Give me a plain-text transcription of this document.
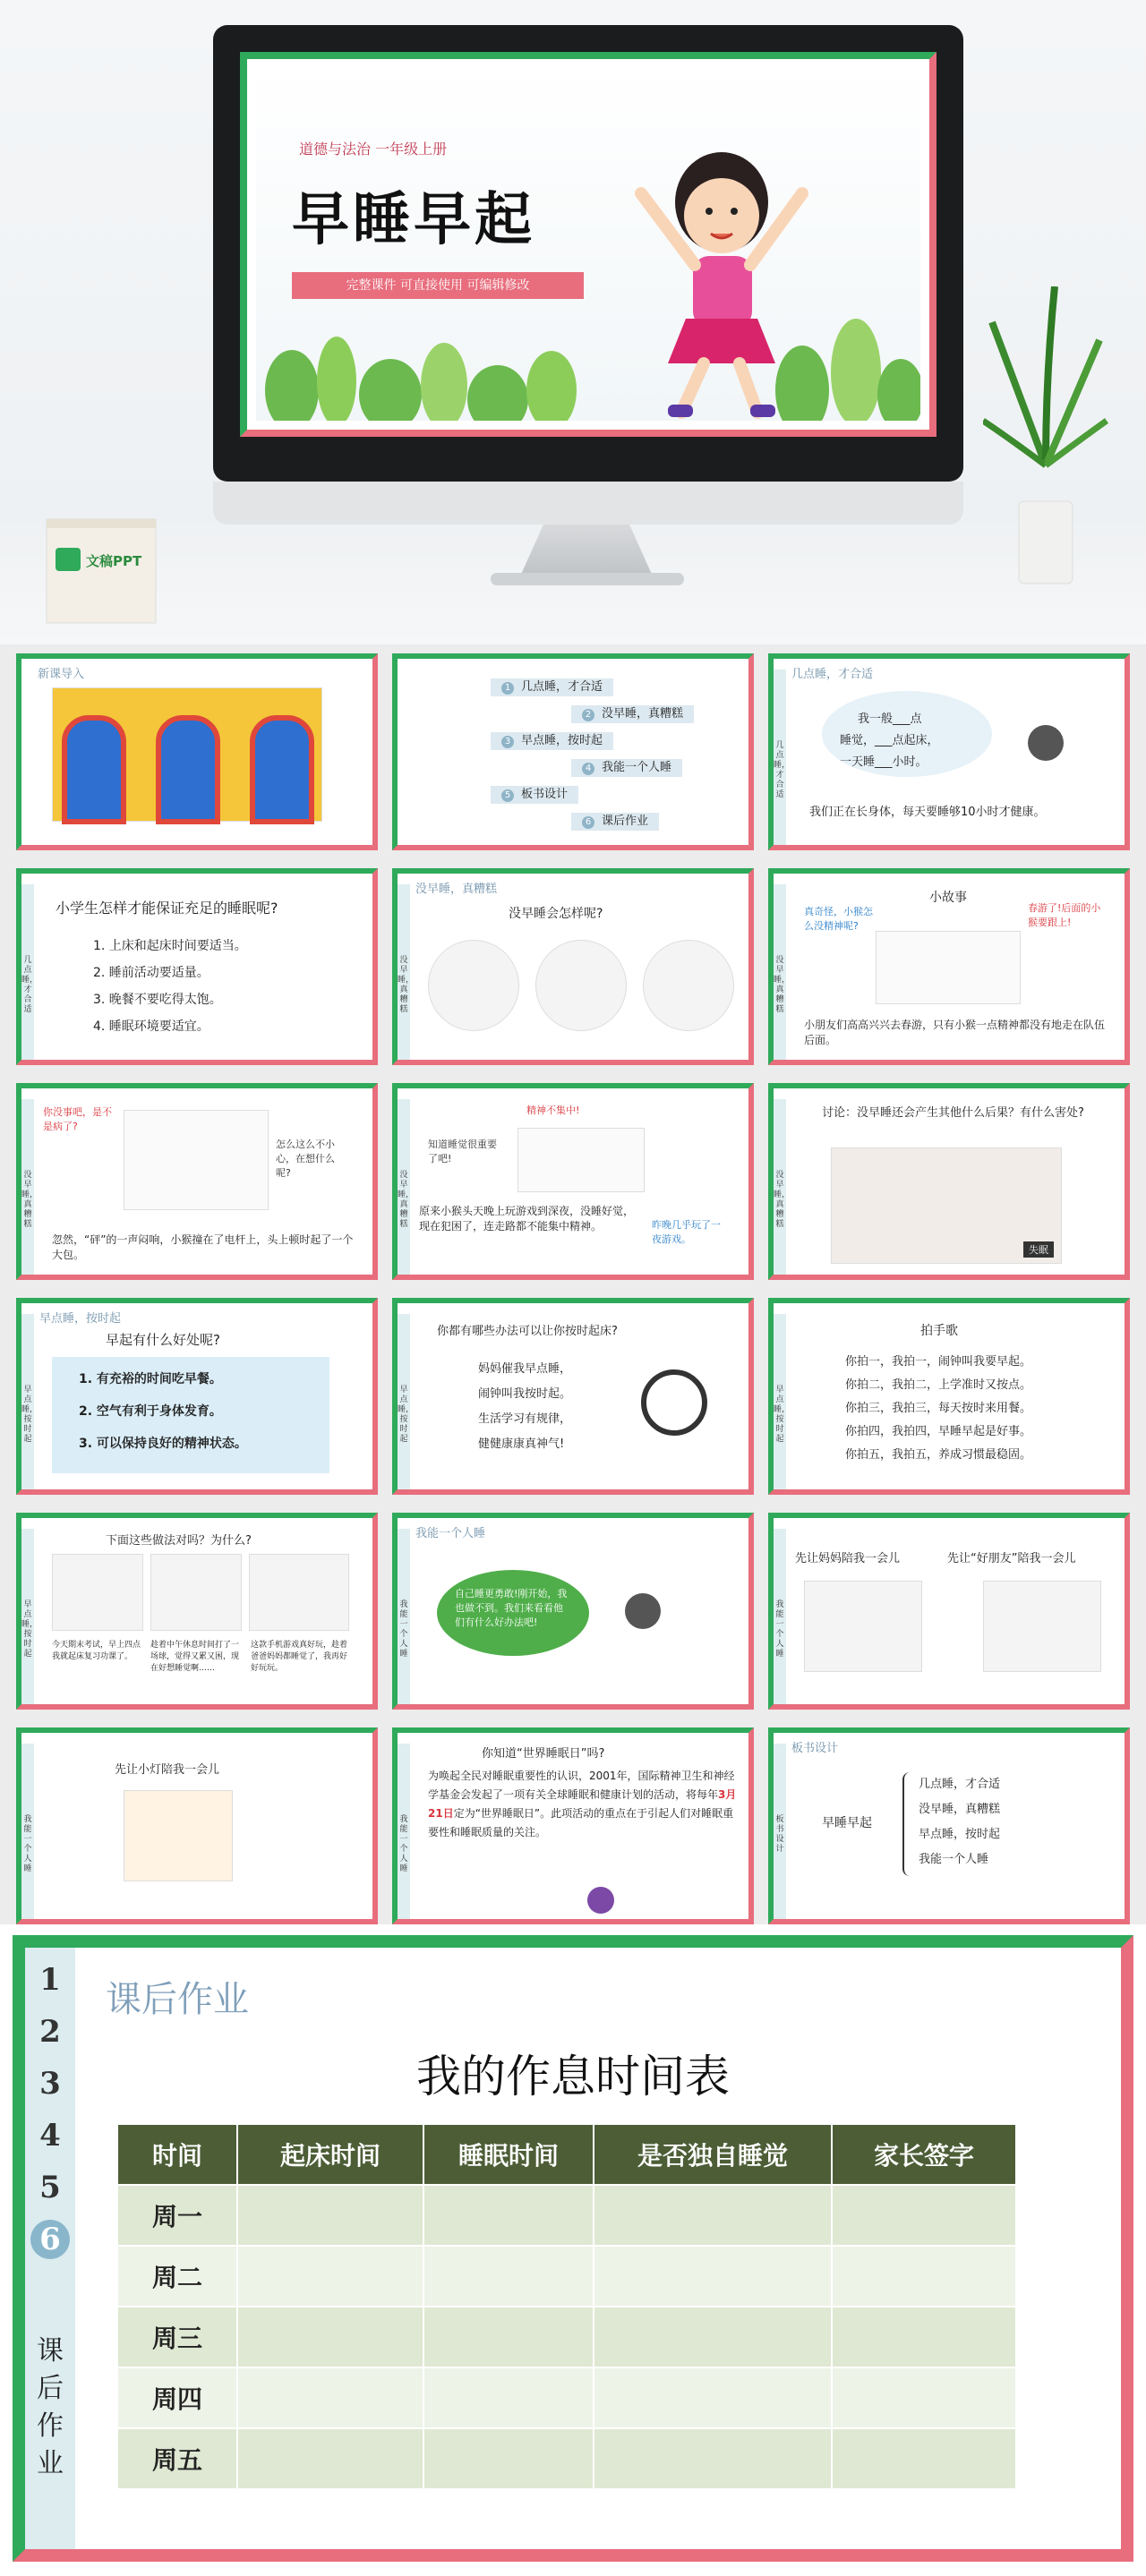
道德与法治 一年级上册
早睡早起
完整课件 可直接使用 可编辑修改
文稿PPT
新课导入
1 几点睡，才合适
2 没早睡，真糟糕
3 早点睡，按时起
4 我能一个人睡
5 板书设计
6 课后作业
几点睡，才合适
几点睡，才合适
我一般___点
睡觉，___点起床，
一天睡___小时。
我们正在长身体，每天要睡够10小时才健康。
几点睡，才合适
小学生怎样才能保证充足的睡眠呢?
1. 上床和起床时间要适当。
2. 睡前活动要适量。
3. 晚餐不要吃得太饱。
4. 睡眠环境要适宜。
没早睡，真糟糕
没早睡，真糟糕
没早睡会怎样呢?
没早睡，真糟糕
小故事
真奇怪，小猴怎么没精神呢?
春游了!后面的小猴要跟上!
小朋友们高高兴兴去春游，只有小猴一点精神都没有地走在队伍后面。
没早睡，真糟糕
你没事吧，是不是病了?
怎么这么不小心，在想什么呢?
忽然，“砰”的一声闷响，小猴撞在了电杆上，头上顿时起了一个大包。
没早睡，真糟糕
精神不集中!
知道睡觉很重要了吧!
昨晚几乎玩了一夜游戏。
原来小猴头天晚上玩游戏到深夜，没睡好觉，现在犯困了，连走路都不能集中精神。
没早睡，真糟糕
讨论：没早睡还会产生其他什么后果？有什么害处?
失眠
早点睡，按时起
早点睡，按时起
早起有什么好处呢?
1. 有充裕的时间吃早餐。
2. 空气有利于身体发育。
3. 可以保持良好的精神状态。
早点睡，按时起
你都有哪些办法可以让你按时起床?
妈妈催我早点睡，
闹钟叫我按时起。
生活学习有规律，
健健康康真神气!
早点睡，按时起
拍手歌
你拍一，我拍一，闹钟叫我要早起。
你拍二，我拍二，上学准时又按点。
你拍三，我拍三，每天按时来用餐。
你拍四，我拍四，早睡早起是好事。
你拍五，我拍五，养成习惯最稳固。
早点睡，按时起
下面这些做法对吗？为什么?
今天期末考试，早上四点我就起床复习功课了。
趁着中午休息时间打了一场球，觉得又累又困，现在好想睡觉啊……
这款手机游戏真好玩，趁着爸爸妈妈都睡觉了，我再好好玩玩。
我能一个人睡
我能一个人睡
自己睡更勇敢!刚开始，我也做不到。我们来看看他们有什么好办法吧!
我能一个人睡
先让妈妈陪我一会儿	先让“好朋友”陪我一会儿
我能一个人睡
先让小灯陪我一会儿
我能一个人睡
你知道“世界睡眠日”吗?
为唤起全民对睡眠重要性的认识，2001年，国际精神卫生和神经学基金会发起了一项有关全球睡眠和健康计划的活动，将每年3月21日定为“世界睡眠日”。此项活动的重点在于引起人们对睡眠重要性和睡眠质量的关注。
板书设计
板书设计
早睡早起
几点睡，才合适
没早睡，真糟糕
早点睡，按时起
我能一个人睡
1
2
3
4
5
6
课后作业
课后作业
我的作息时间表
时间	起床时间	睡眠时间	是否独自睡觉	家长签字
周一				
周二				
周三				
周四				
周五				
